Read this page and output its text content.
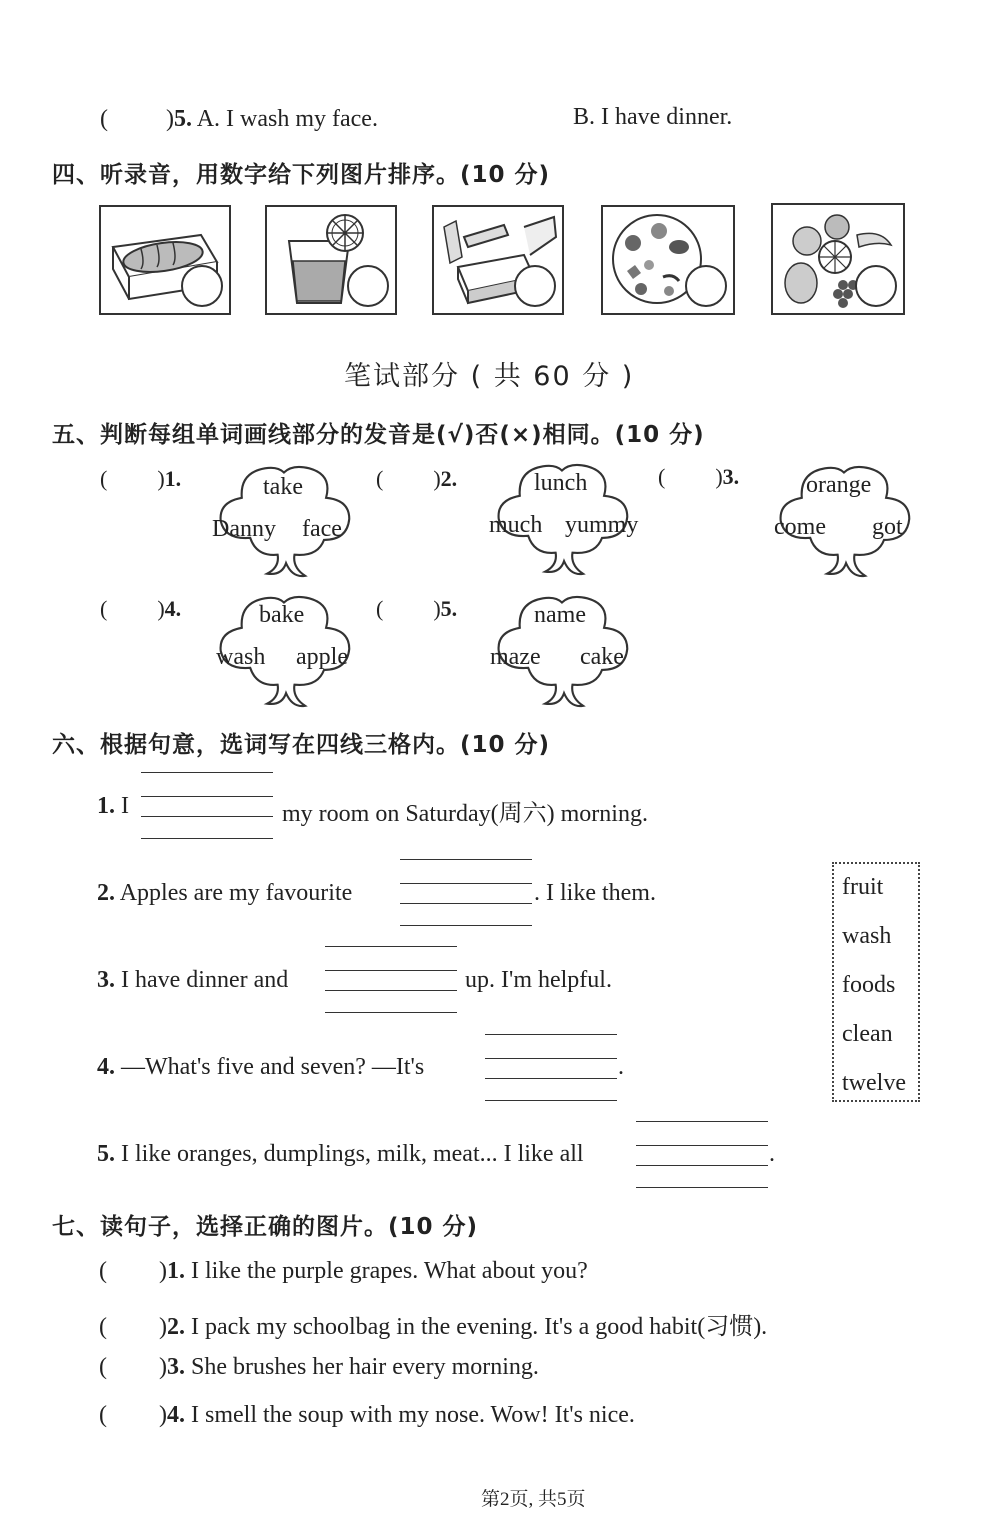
( )5. A. I wash my face.	B. I have dinner.
四、听录音，用数字给下列图片排序。(10 分)
笔试部分 ( 共 60 分 )
五、判断每组单词画线部分的发音是(√)否(×)相同。(10 分)
( )1.	take
Danny face
( )2.	lunch
much yummy
( )3.	orange
come got
( )4.	bake
wash apple
( )5.	name
maze cake
六、根据句意，选词写在四线三格内。(10 分)
1. I	my room on Saturday(周六) morning.
2. Apples are my favourite	. I like them.
3. I have dinner and	up. I'm helpful.
4. —What's five and seven? —It's	.
5. I like oranges, dumplings, milk, meat... I like all	.
fruit
wash
foods
clean
twelve
七、读句子，选择正确的图片。(10 分)
( )1. I like the purple grapes. What about you?
( )2. I pack my schoolbag in the evening. It's a good habit(习惯).
( )3. She brushes her hair every morning.
( )4. I smell the soup with my nose. Wow! It's nice.
第2页, 共5页
